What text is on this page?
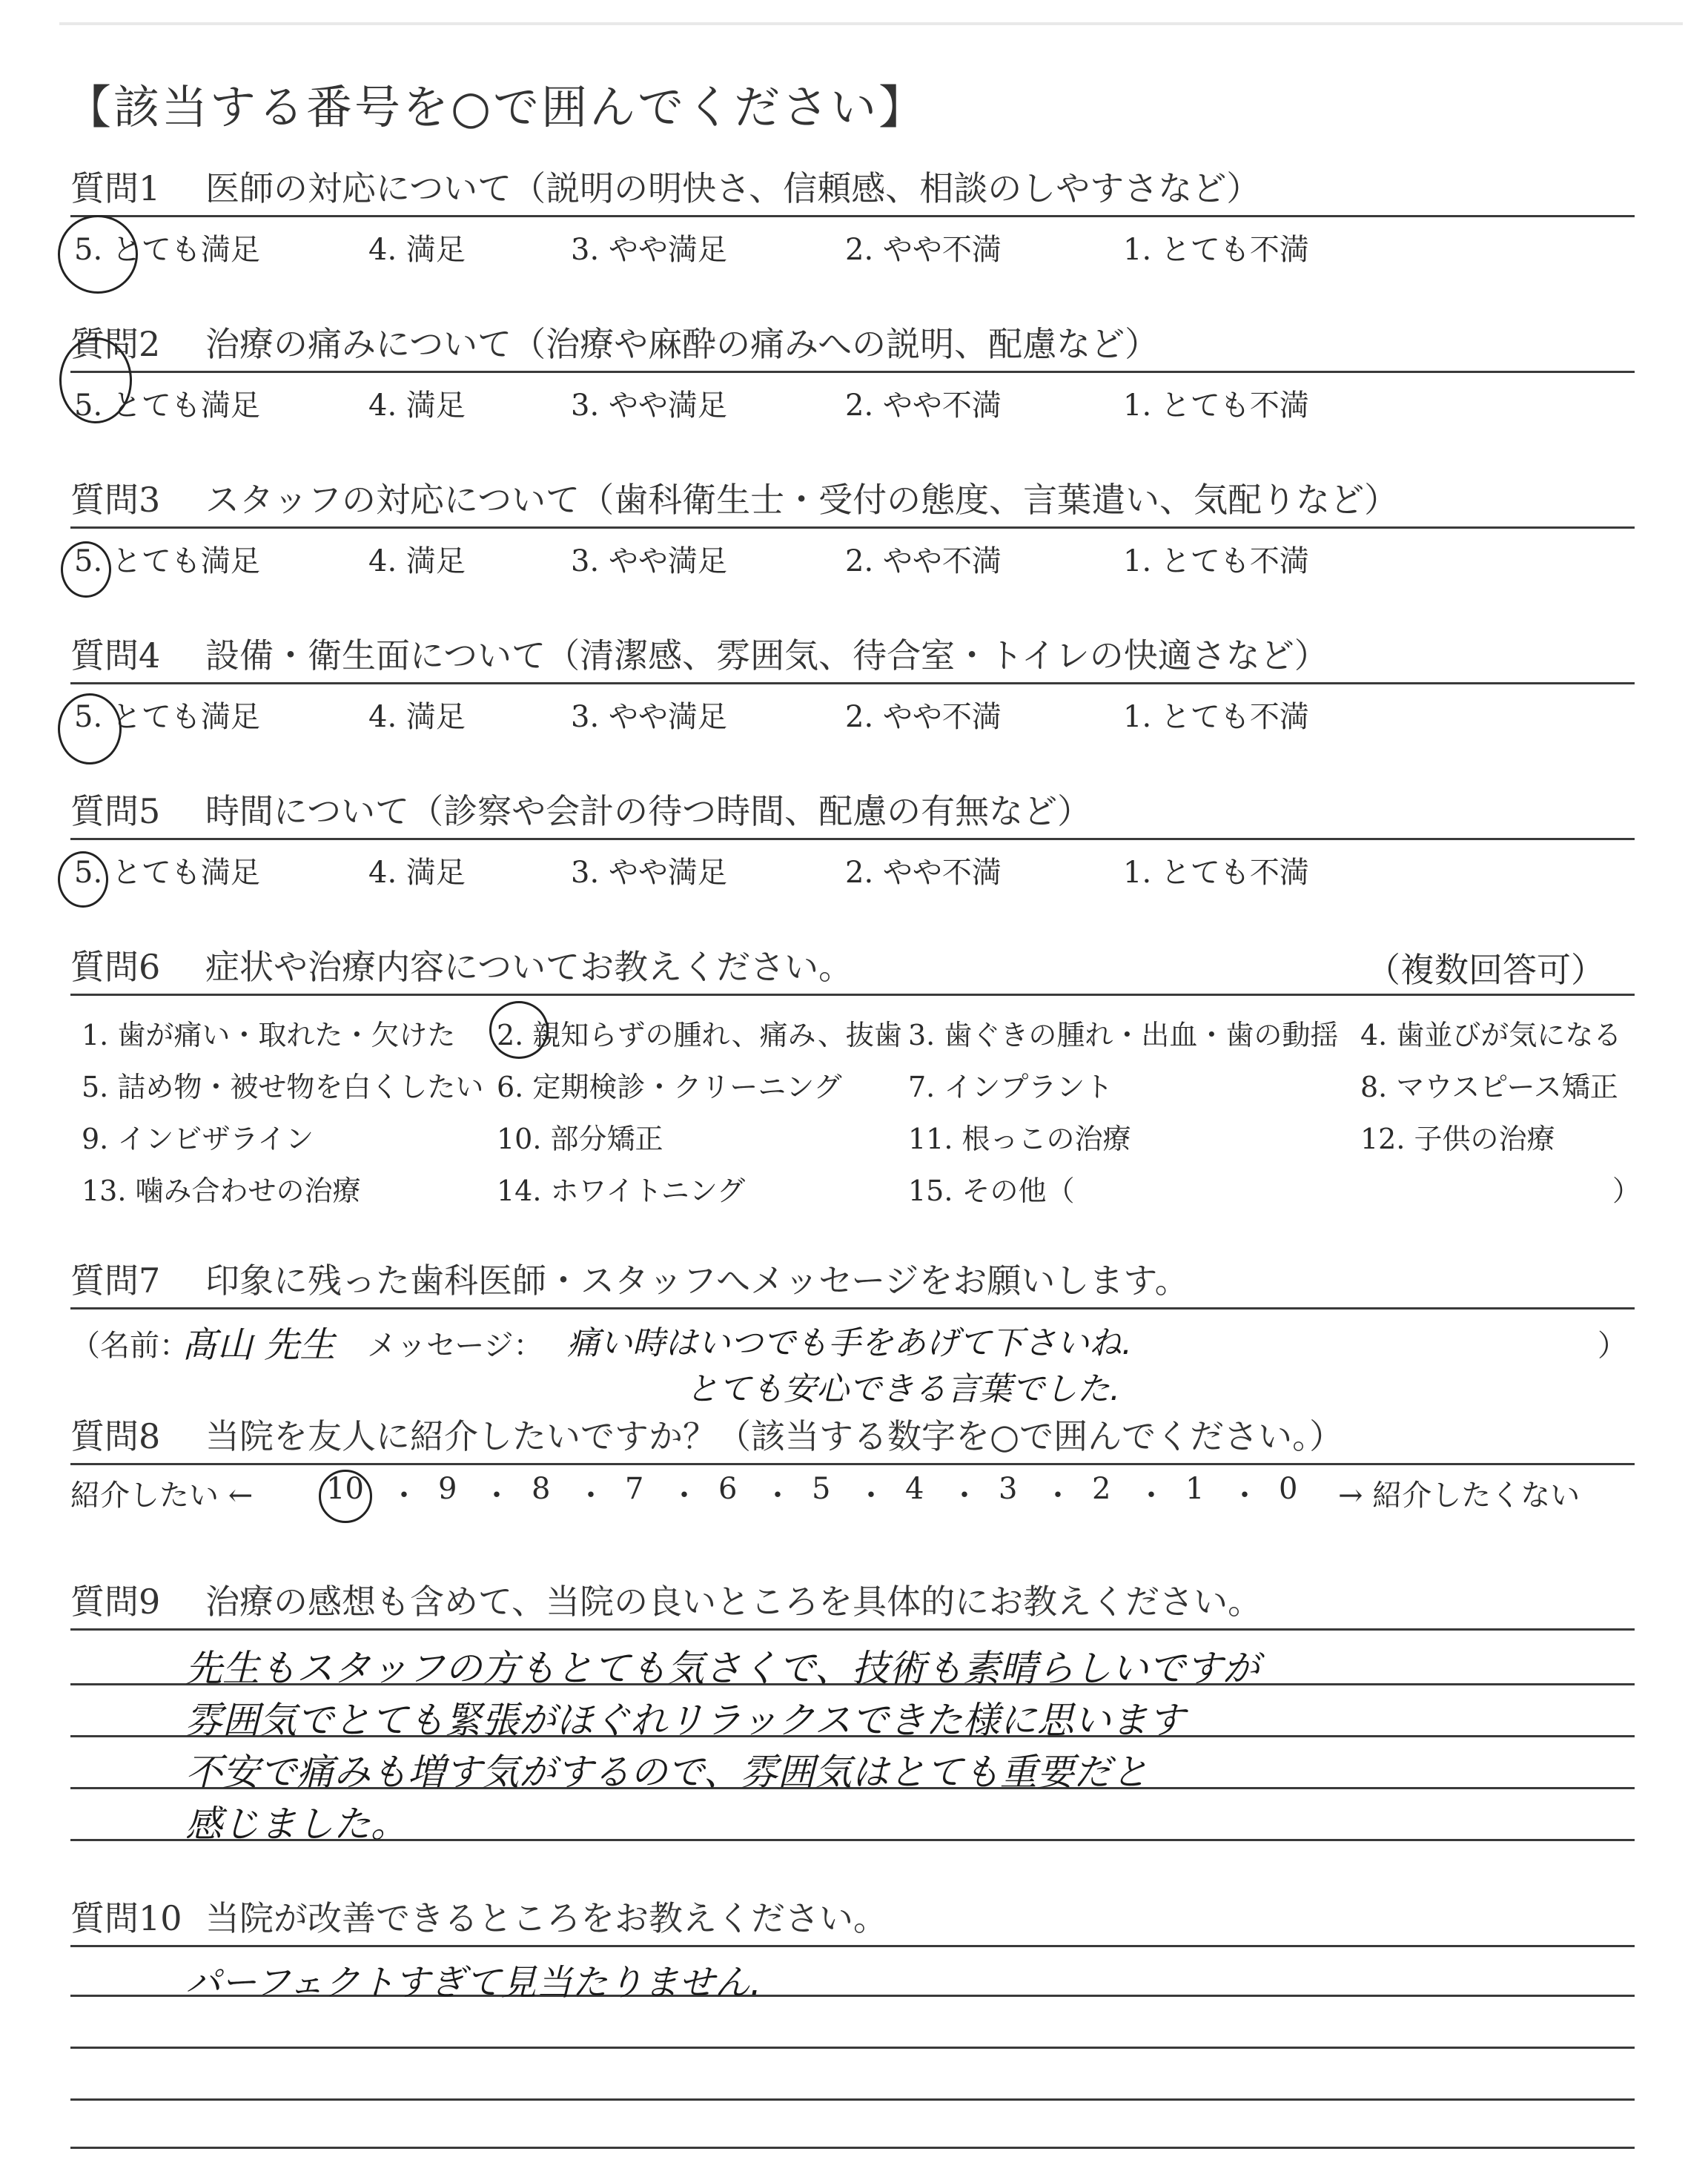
【該当する番号を○で囲んでください】
質問1 医師の対応について（説明の明快さ、信頼感、相談のしやすさなど）
5. とても満足	4. 満足	3. やや満足	2. やや不満	1. とても不満
質問2 治療の痛みについて（治療や麻酔の痛みへの説明、配慮など）
5. とても満足	4. 満足	3. やや満足	2. やや不満	1. とても不満
質問3 スタッフの対応について（歯科衛生士・受付の態度、言葉遣い、気配りなど）
5. とても満足	4. 満足	3. やや満足	2. やや不満	1. とても不満
質問4 設備・衛生面について（清潔感、雰囲気、待合室・トイレの快適さなど）
5. とても満足	4. 満足	3. やや満足	2. やや不満	1. とても不満
質問5 時間について（診察や会計の待つ時間、配慮の有無など）
5. とても満足	4. 満足	3. やや満足	2. やや不満	1. とても不満
質問6 症状や治療内容についてお教えください。	（複数回答可）
1. 歯が痛い・取れた・欠けた 2. 親知らずの腫れ、痛み、抜歯 3. 歯ぐきの腫れ・出血・歯の動揺 4. 歯並びが気になる
5. 詰め物・被せ物を白くしたい 6. 定期検診・クリーニング 7. インプラント	8. マウスピース矯正
9. インビザライン	10. 部分矯正	11. 根っこの治療	12. 子供の治療
13. 噛み合わせの治療	14. ホワイトニング	15. その他（	）
質問7 印象に残った歯科医師・スタッフへメッセージをお願いします。
（名前：
髙山 先生 メッセージ： 痛い時はいつでも手をあげて下さいね.
とても安心できる言葉でした.
）
質問8 当院を友人に紹介したいですか？（該当する数字を○で囲んでください。）
紹介したい ← 10 ・ 9 ・ 8 ・ 7 ・ 6 ・ 5 ・ 4 ・ 3 ・ 2 ・ 1 ・ 0 → 紹介したくない
質問9 治療の感想も含めて、当院の良いところを具体的にお教えください。
先生もスタッフの方もとても気さくで、技術も素晴らしいですが
雰囲気でとても緊張がほぐれリラックスできた様に思います
不安で痛みも増す気がするので、雰囲気はとても重要だと
感じました。
質問10 当院が改善できるところをお教えください。
パーフェクトすぎて見当たりません.
